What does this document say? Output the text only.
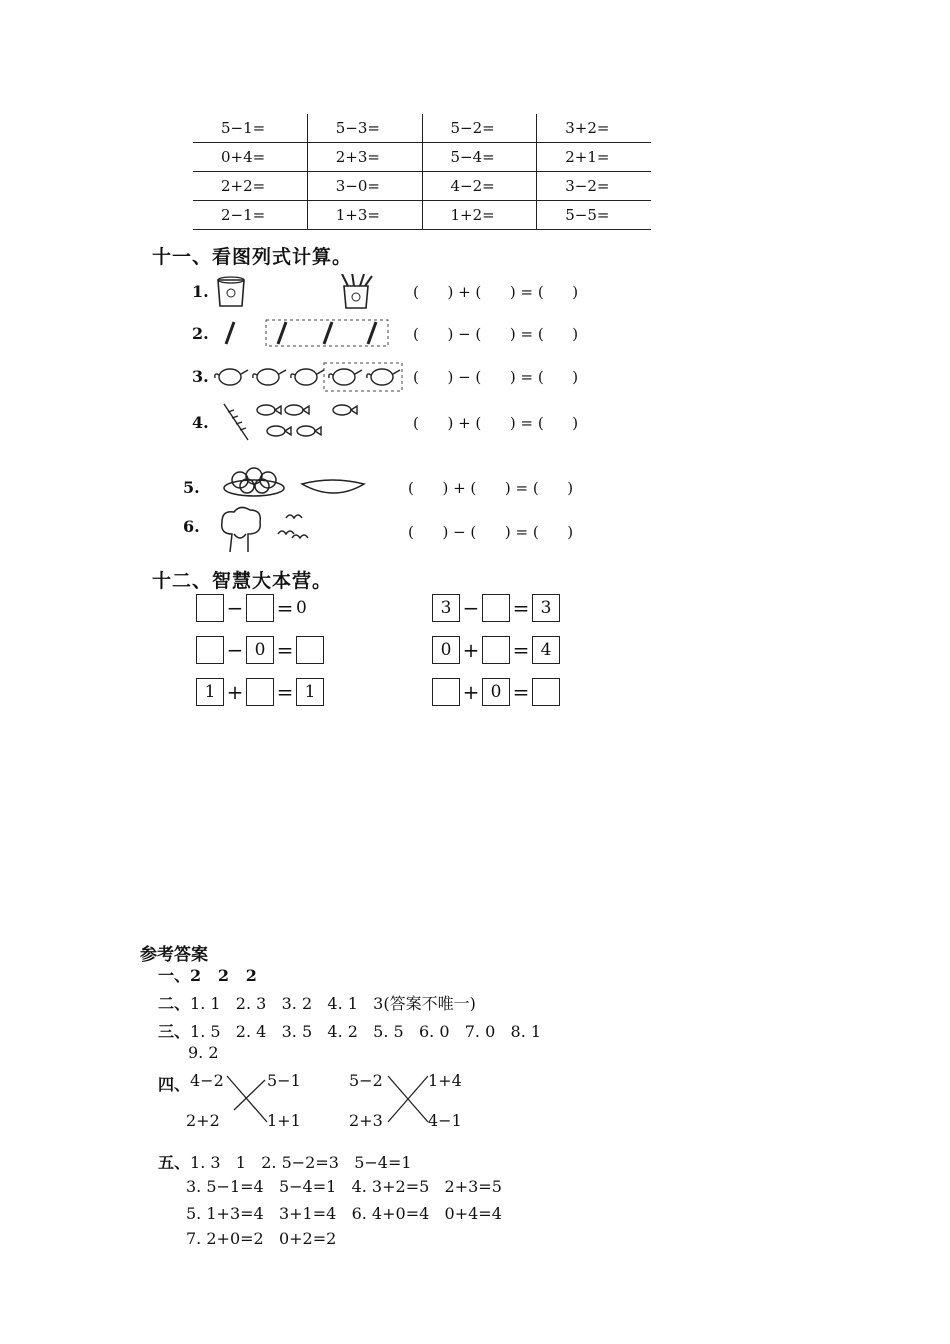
5−1=	5−3=	5−2=	3+2=
0+4=	2+3=	5−4=	2+1=
2+2=	3−0=	4−2=	3−2=
2−1=	1+3=	1+2=	5−5=
十一、看图列式计算。
1.	(      ) + (      ) = (      )
2.	(      ) − (      ) = (      )
3.	(      ) − (      ) = (      )
4.	(      ) + (      ) = (      )
5.	(      ) + (      ) = (      )
6.	(      ) − (      ) = (      )
十二、智慧大本营。
− = 0
− 0 =
1 + = 1
3 − = 3
0 + = 4
+ 0 =
参考答案
一、2   2   2
二、1. 1   2. 3   3. 2   4. 1   3(答案不唯一)
三、1. 5   2. 4   3. 5   4. 2   5. 5   6. 0   7. 0   8. 1
9. 2
四、 4−2
2+2
5−1
1+1
5−2
2+3
1+4
4−1
五、1. 3   1   2. 5−2=3   5−4=1
3. 5−1=4   5−4=1   4. 3+2=5   2+3=5
5. 1+3=4   3+1=4   6. 4+0=4   0+4=4
7. 2+0=2   0+2=2
